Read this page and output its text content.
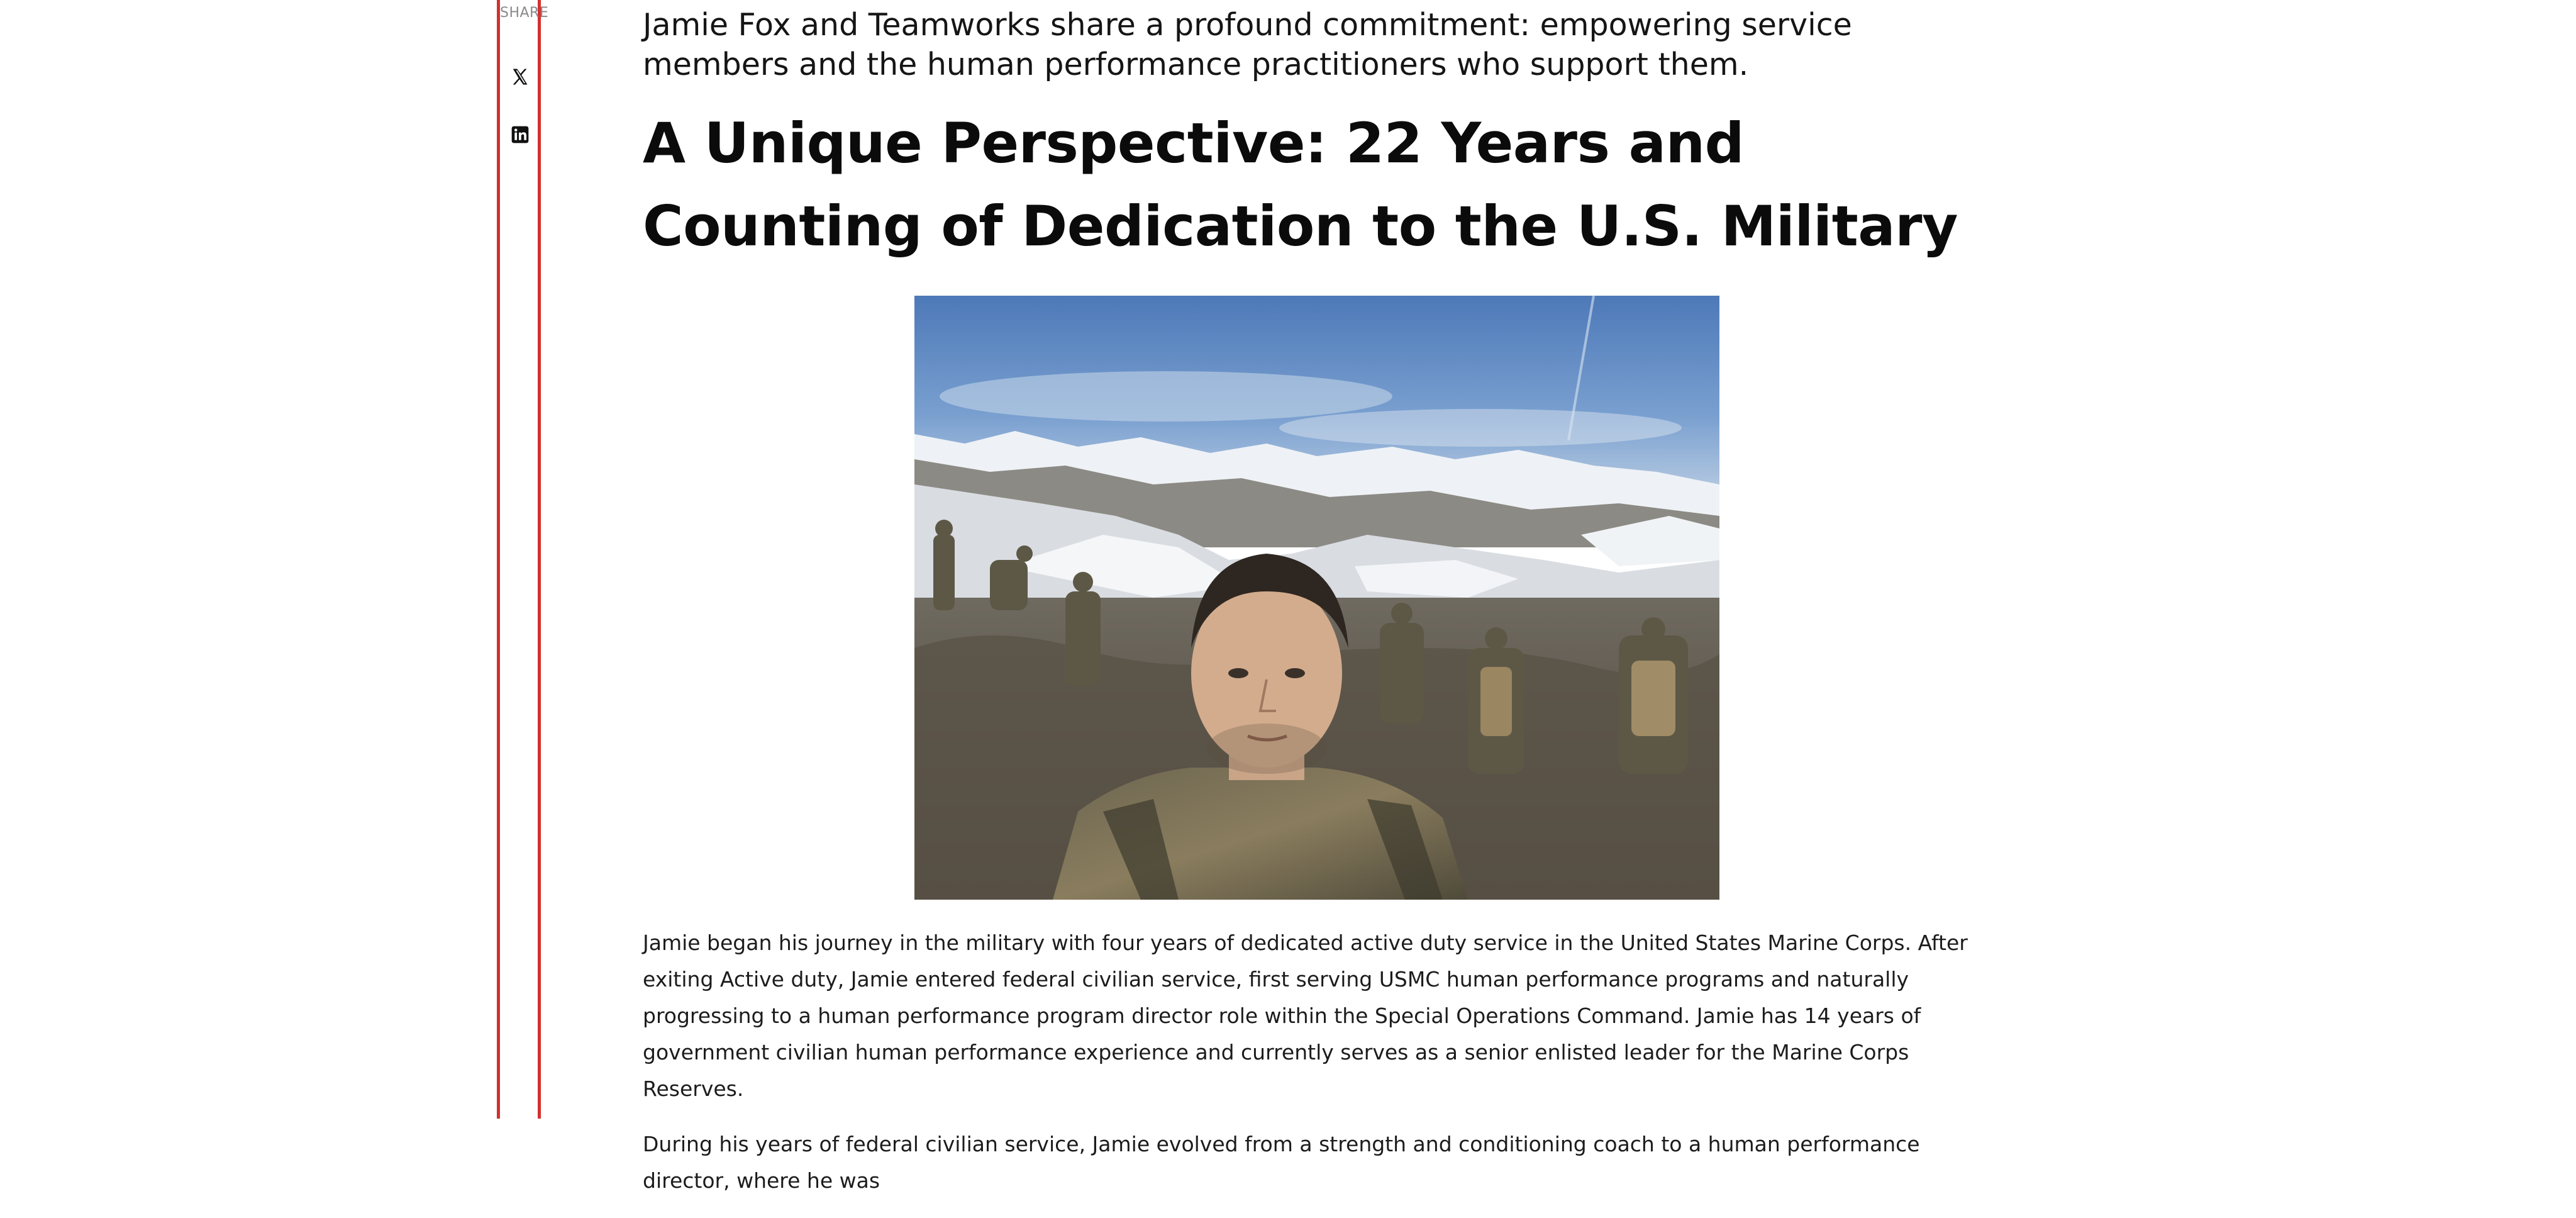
SHARE	Jamie Fox and Teamworks share a profound commitment: empowering service members and the human performance practitioners who support them.

A Unique Perspective: 22 Years and Counting of Dedication to the U.S. Military

Jamie began his journey in the military with four years of dedicated active duty service in the United States Marine Corps. After exiting Active duty, Jamie entered federal civilian service, first serving USMC human performance programs and naturally progressing to a human performance program director role within the Special Operations Command. Jamie has 14 years of government civilian human performance experience and currently serves as a senior enlisted leader for the Marine Corps Reserves.

During his years of federal civilian service, Jamie evolved from a strength and conditioning coach to a human performance director, where he was
